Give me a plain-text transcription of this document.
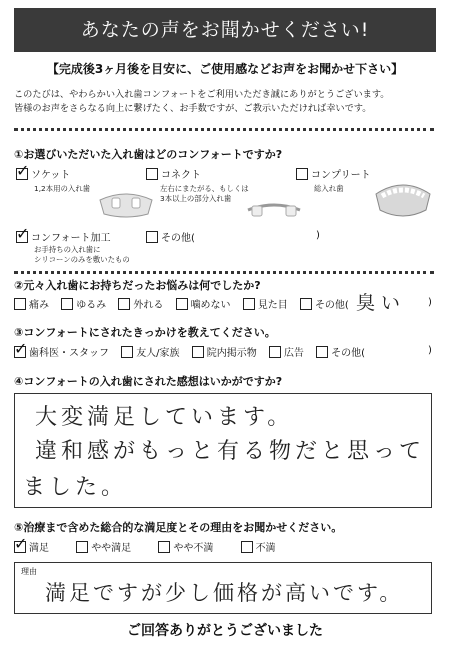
あなたの声をお聞かせください!
【完成後3ヶ月後を目安に、ご使用感などお声をお聞かせ下さい】
このたびは、やわらかい入れ歯コンフォートをご利用いただき誠にありがとうございます。
皆様のお声をさらなる向上に繋げたく、お手数ですが、ご教示いただければ幸いです。
①お選びいただいた入れ歯はどのコンフォートですか?
✓ソケット
1,2本用の入れ歯
コネクト
左右にまたがる、もしくは
3本以上の部分入れ歯
コンプリート
総入れ歯
✓コンフォート加工
お手持ちの入れ歯に
シリコーンのみを敷いたもの
その他(	)
②元々入れ歯にお持ちだったお悩みは何でしたか?
痛み	ゆるみ	外れる	噛めない	見た目	その他( 臭い )
③コンフォートにされたきっかけを教えてください。
✓歯科医・スタッフ	友人/家族	院内掲示物	広告	その他(	)
④コンフォートの入れ歯にされた感想はいかがですか?
大変満足しています。
違和感がもっと有る物だと思って
ました。
⑤治療まで含めた総合的な満足度とその理由をお聞かせください。
✓満足	やや満足	やや不満	不満
理由
満足ですが少し価格が高いです。
ご回答ありがとうございました
